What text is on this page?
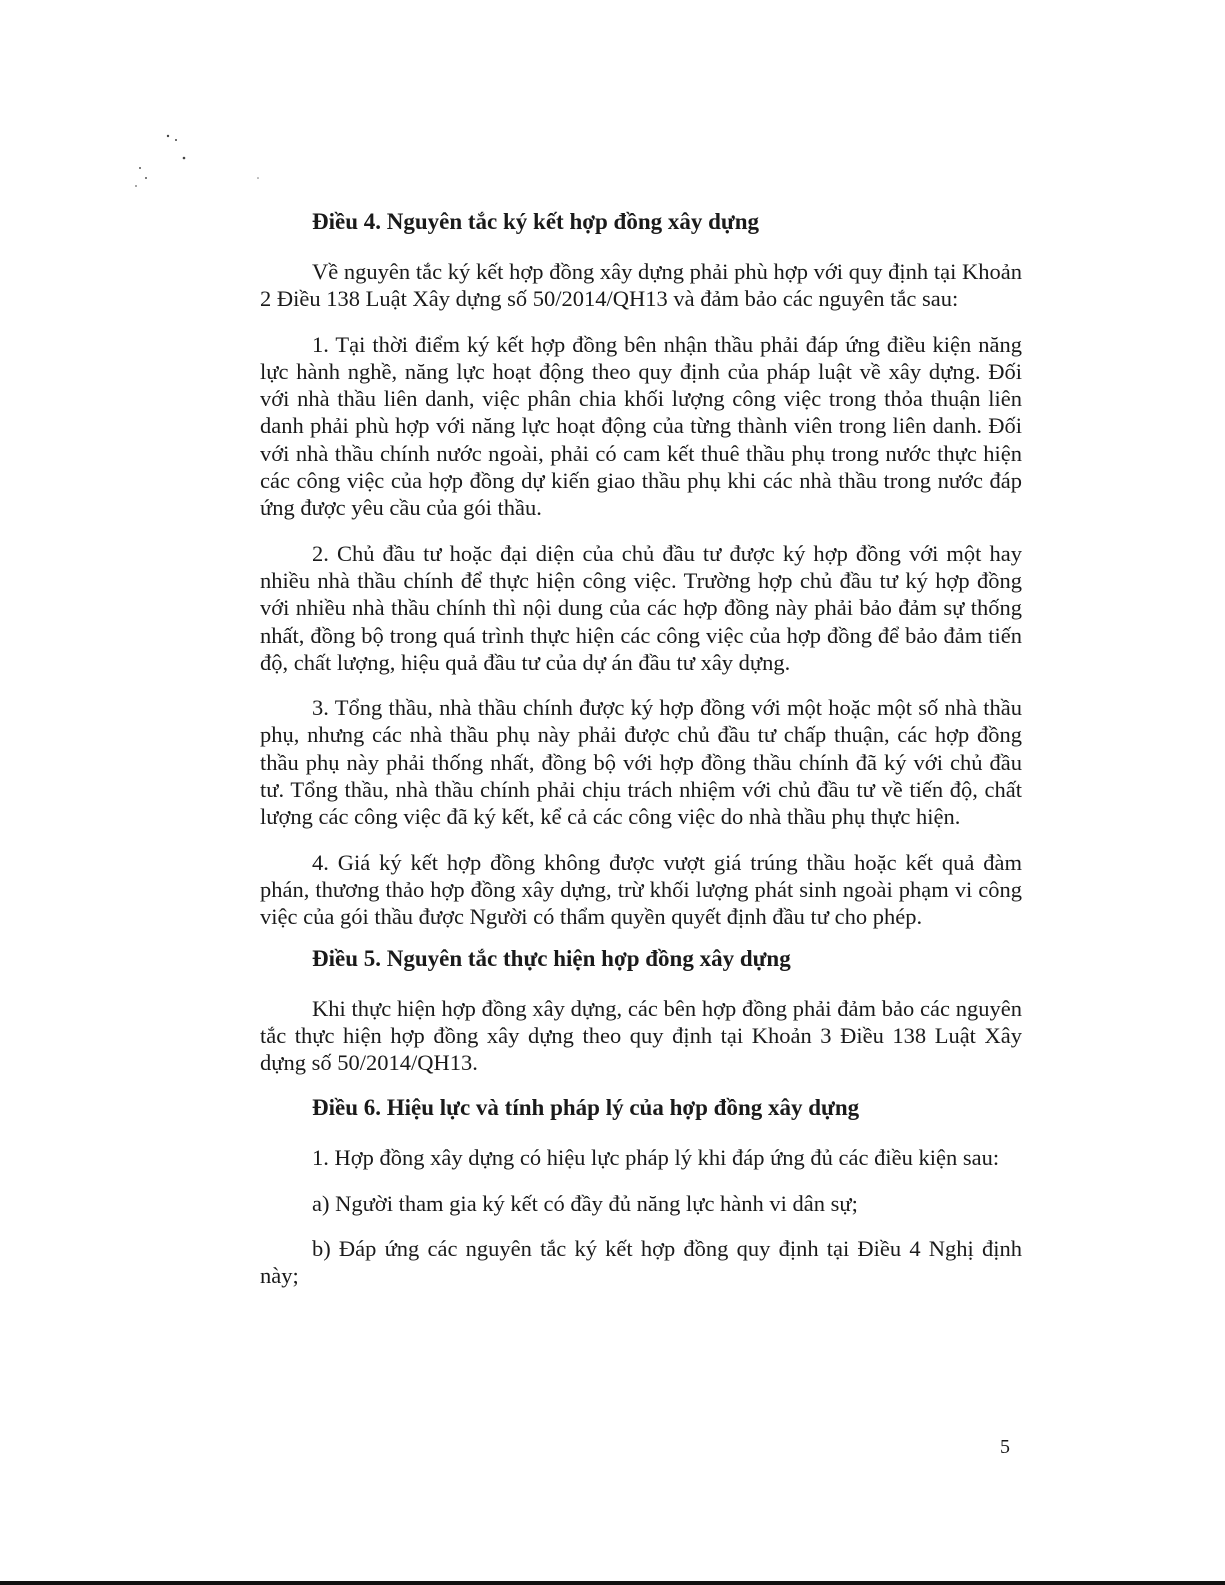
Điều 4. Nguyên tắc ký kết hợp đồng xây dựng

Về nguyên tắc ký kết hợp đồng xây dựng phải phù hợp với quy định tại Khoản 2 Điều 138 Luật Xây dựng số 50/2014/QH13 và đảm bảo các nguyên tắc sau:

1. Tại thời điểm ký kết hợp đồng bên nhận thầu phải đáp ứng điều kiện năng lực hành nghề, năng lực hoạt động theo quy định của pháp luật về xây dựng. Đối với nhà thầu liên danh, việc phân chia khối lượng công việc trong thỏa thuận liên danh phải phù hợp với năng lực hoạt động của từng thành viên trong liên danh. Đối với nhà thầu chính nước ngoài, phải có cam kết thuê thầu phụ trong nước thực hiện các công việc của hợp đồng dự kiến giao thầu phụ khi các nhà thầu trong nước đáp ứng được yêu cầu của gói thầu.

2. Chủ đầu tư hoặc đại diện của chủ đầu tư được ký hợp đồng với một hay nhiều nhà thầu chính để thực hiện công việc. Trường hợp chủ đầu tư ký hợp đồng với nhiều nhà thầu chính thì nội dung của các hợp đồng này phải bảo đảm sự thống nhất, đồng bộ trong quá trình thực hiện các công việc của hợp đồng để bảo đảm tiến độ, chất lượng, hiệu quả đầu tư của dự án đầu tư xây dựng.

3. Tổng thầu, nhà thầu chính được ký hợp đồng với một hoặc một số nhà thầu phụ, nhưng các nhà thầu phụ này phải được chủ đầu tư chấp thuận, các hợp đồng thầu phụ này phải thống nhất, đồng bộ với hợp đồng thầu chính đã ký với chủ đầu tư. Tổng thầu, nhà thầu chính phải chịu trách nhiệm với chủ đầu tư về tiến độ, chất lượng các công việc đã ký kết, kể cả các công việc do nhà thầu phụ thực hiện.

4. Giá ký kết hợp đồng không được vượt giá trúng thầu hoặc kết quả đàm phán, thương thảo hợp đồng xây dựng, trừ khối lượng phát sinh ngoài phạm vi công việc của gói thầu được Người có thẩm quyền quyết định đầu tư cho phép.

Điều 5. Nguyên tắc thực hiện hợp đồng xây dựng

Khi thực hiện hợp đồng xây dựng, các bên hợp đồng phải đảm bảo các nguyên tắc thực hiện hợp đồng xây dựng theo quy định tại Khoản 3 Điều 138 Luật Xây dựng số 50/2014/QH13.

Điều 6. Hiệu lực và tính pháp lý của hợp đồng xây dựng

1. Hợp đồng xây dựng có hiệu lực pháp lý khi đáp ứng đủ các điều kiện sau:

a) Người tham gia ký kết có đầy đủ năng lực hành vi dân sự;

b) Đáp ứng các nguyên tắc ký kết hợp đồng quy định tại Điều 4 Nghị định này;

5
